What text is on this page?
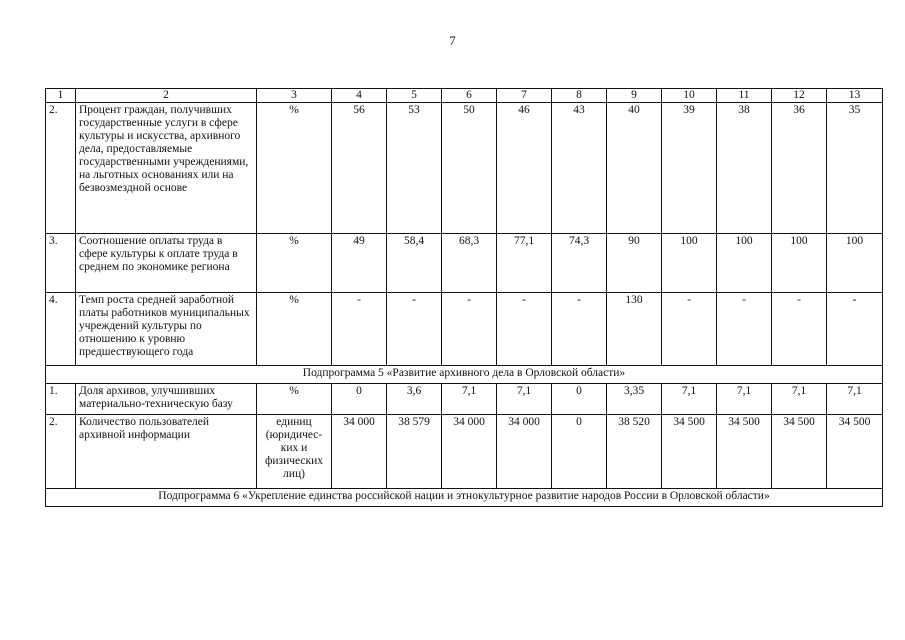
7
1	2	3	4	5	6	7	8	9	10	11	12	13
2.	Процент граждан, получивших государственные услуги в сфере культуры и искусства, архивного дела, предоставляемые государственными учреждениями, на льготных основаниях или на безвозмездной основе	%	56	53	50	46	43	40	39	38	36	35
3.	Соотношение оплаты труда в сфере культуры к оплате труда в среднем по экономике региона	%	49	58,4	68,3	77,1	74,3	90	100	100	100	100
4.	Темп роста средней заработной платы работников муниципальных учреждений культуры по отношению к уровню предшествующего года	%	-	-	-	-	-	130	-	-	-	-
Подпрограмма 5 «Развитие архивного дела в Орловской области»												
1.	Доля архивов, улучшивших материально-техническую базу	%	0	3,6	7,1	7,1	0	3,35	7,1	7,1	7,1	7,1
2.	Количество пользователей архивной информации	единиц (юридичес-ких и физических лиц)	34 000	38 579	34 000	34 000	0	38 520	34 500	34 500	34 500	34 500
Подпрограмма 6 «Укрепление единства российской нации и этнокультурное развитие народов России в Орловской области»												
